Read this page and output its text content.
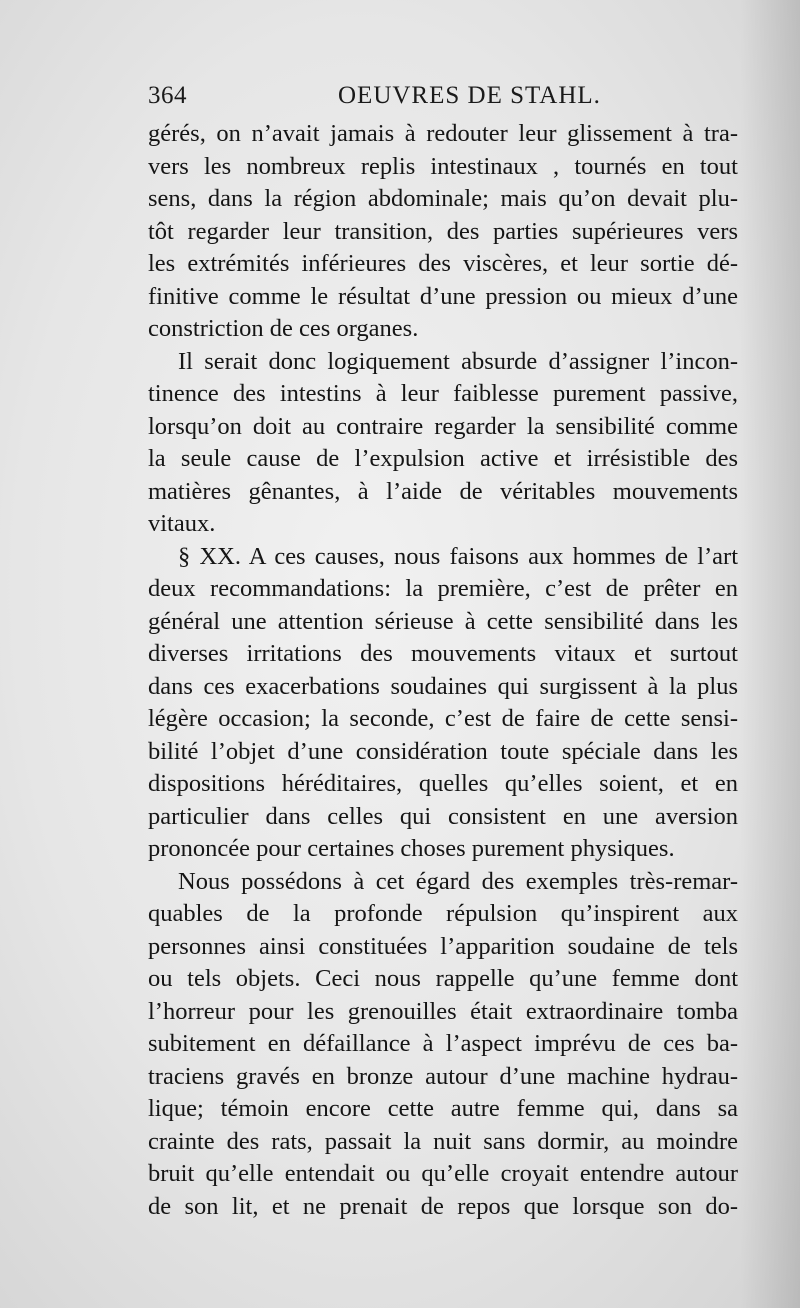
364	OEUVRES DE STAHL.
gérés, on n’avait jamais à redouter leur glissement à tra-
vers les nombreux replis intestinaux , tournés en tout
sens, dans la région abdominale; mais qu’on devait plu-
tôt regarder leur transition, des parties supérieures vers
les extrémités inférieures des viscères, et leur sortie dé-
finitive comme le résultat d’une pression ou mieux d’une
constriction de ces organes.
Il serait donc logiquement absurde d’assigner l’incon-
tinence des intestins à leur faiblesse purement passive,
lorsqu’on doit au contraire regarder la sensibilité comme
la seule cause de l’expulsion active et irrésistible des
matières gênantes, à l’aide de véritables mouvements
vitaux.
§ XX. A ces causes, nous faisons aux hommes de l’art
deux recommandations: la première, c’est de prêter en
général une attention sérieuse à cette sensibilité dans les
diverses irritations des mouvements vitaux et surtout
dans ces exacerbations soudaines qui surgissent à la plus
légère occasion; la seconde, c’est de faire de cette sensi-
bilité l’objet d’une considération toute spéciale dans les
dispositions héréditaires, quelles qu’elles soient, et en
particulier dans celles qui consistent en une aversion
prononcée pour certaines choses purement physiques.
Nous possédons à cet égard des exemples très-remar-
quables de la profonde répulsion qu’inspirent aux
personnes ainsi constituées l’apparition soudaine de tels
ou tels objets. Ceci nous rappelle qu’une femme dont
l’horreur pour les grenouilles était extraordinaire tomba
subitement en défaillance à l’aspect imprévu de ces ba-
traciens gravés en bronze autour d’une machine hydrau-
lique; témoin encore cette autre femme qui, dans sa
crainte des rats, passait la nuit sans dormir, au moindre
bruit qu’elle entendait ou qu’elle croyait entendre autour
de son lit, et ne prenait de repos que lorsque son do-
